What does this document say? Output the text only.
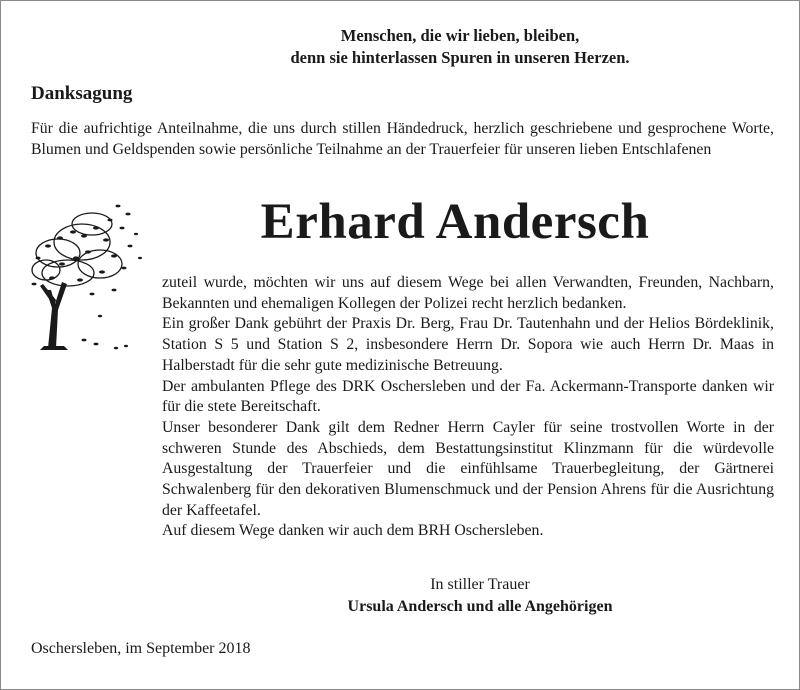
Menschen, die wir lieben, bleiben,
denn sie hinterlassen Spuren in unseren Herzen.
Danksagung
Für die aufrichtige Anteilnahme, die uns durch stillen Händedruck, herzlich geschriebene und gesprochene Worte, Blumen und Geldspenden sowie persönliche Teilnahme an der Trauerfeier für unseren lieben Entschlafenen
Erhard Andersch

zuteil wurde, möchten wir uns auf diesem Wege bei allen Verwandten, Freunden, Nachbarn, Bekannten und ehemaligen Kollegen der Polizei recht herzlich bedanken.

Ein großer Dank gebührt der Praxis Dr. Berg, Frau Dr. Tautenhahn und der Helios Bördeklinik, Station S 5 und Station S 2, insbesondere Herrn Dr. Sopora wie auch Herrn Dr. Maas in Halberstadt für die sehr gute medizinische Betreuung.

Der ambulanten Pflege des DRK Oschersleben und der Fa. Ackermann-Transporte danken wir für die stete Bereitschaft.

Unser besonderer Dank gilt dem Redner Herrn Cayler für seine trostvollen Worte in der schweren Stunde des Abschieds, dem Bestattungsinstitut Klinzmann für die würdevolle Ausgestaltung der Trauerfeier und die einfühlsame Trauerbegleitung, der Gärtnerei Schwalenberg für den dekorativen Blumenschmuck und der Pension Ahrens für die Ausrichtung der Kaffeetafel.

Auf diesem Wege danken wir auch dem BRH Oschersleben.

In stiller Trauer
Ursula Andersch und alle Angehörigen
Oschersleben, im September 2018
